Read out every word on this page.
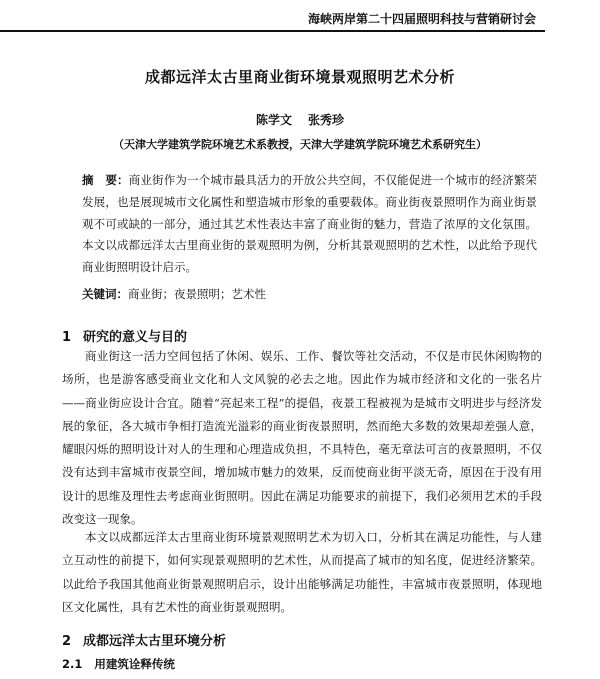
海峡两岸第二十四届照明科技与营销研讨会
成都远洋太古里商业街环境景观照明艺术分析
陈学文 张秀珍
（天津大学建筑学院环境艺术系教授，天津大学建筑学院环境艺术系研究生）
摘　要：商业街作为一个城市最具活力的开放公共空间，不仅能促进一个城市的经济繁荣发展，也是展现城市文化属性和塑造城市形象的重要载体。商业街夜景照明作为商业街景观不可或缺的一部分，通过其艺术性表达丰富了商业街的魅力，营造了浓厚的文化氛围。本文以成都远洋太古里商业街的景观照明为例，分析其景观照明的艺术性，以此给予现代商业街照明设计启示。
关键词：商业街；夜景照明；艺术性
1 研究的意义与目的
商业街这一活力空间包括了休闲、娱乐、工作、餐饮等社交活动，不仅是市民休闲购物的场所，也是游客感受商业文化和人文风貌的必去之地。因此作为城市经济和文化的一张名片——商业街应设计合宜。随着“亮起来工程”的提倡，夜景工程被视为是城市文明进步与经济发展的象征，各大城市争相打造流光溢彩的商业街夜景照明，然而绝大多数的效果却差强人意，耀眼闪烁的照明设计对人的生理和心理造成负担，不具特色，毫无章法可言的夜景照明，不仅没有达到丰富城市夜景空间，增加城市魅力的效果，反而使商业街平淡无奇，原因在于没有用设计的思维及理性去考虑商业街照明。因此在满足功能要求的前提下，我们必须用艺术的手段改变这一现象。
本文以成都远洋太古里商业街环境景观照明艺术为切入口，分析其在满足功能性，与人建立互动性的前提下，如何实现景观照明的艺术性，从而提高了城市的知名度，促进经济繁荣。以此给予我国其他商业街景观照明启示，设计出能够满足功能性，丰富城市夜景照明，体现地区文化属性，具有艺术性的商业街景观照明。
2 成都远洋太古里环境分析
2.1 用建筑诠释传统
